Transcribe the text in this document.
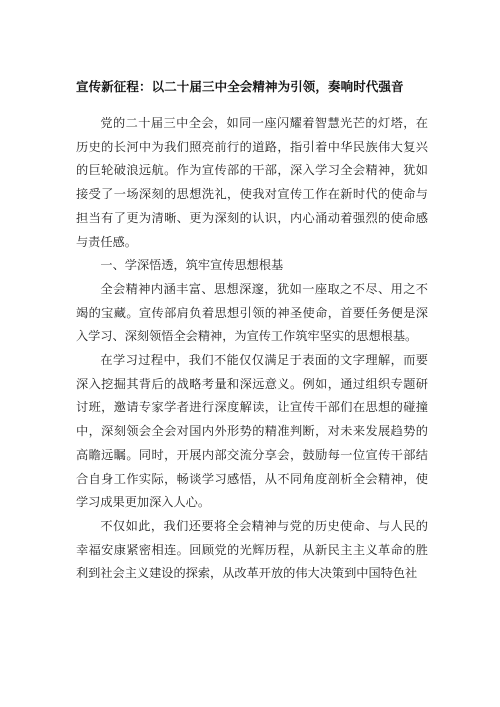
宣传新征程：以二十届三中全会精神为引领，奏响时代强音

党的二十届三中全会，如同一座闪耀着智慧光芒的灯塔，在历史的长河中为我们照亮前行的道路，指引着中华民族伟大复兴的巨轮破浪远航。作为宣传部的干部，深入学习全会精神，犹如接受了一场深刻的思想洗礼，使我对宣传工作在新时代的使命与担当有了更为清晰、更为深刻的认识，内心涌动着强烈的使命感与责任感。

一、学深悟透，筑牢宣传思想根基

全会精神内涵丰富、思想深邃，犹如一座取之不尽、用之不竭的宝藏。宣传部肩负着思想引领的神圣使命，首要任务便是深入学习、深刻领悟全会精神，为宣传工作筑牢坚实的思想根基。

在学习过程中，我们不能仅仅满足于表面的文字理解，而要深入挖掘其背后的战略考量和深远意义。例如，通过组织专题研讨班，邀请专家学者进行深度解读，让宣传干部们在思想的碰撞中，深刻领会全会对国内外形势的精准判断，对未来发展趋势的高瞻远瞩。同时，开展内部交流分享会，鼓励每一位宣传干部结合自身工作实际，畅谈学习感悟，从不同角度剖析全会精神，使学习成果更加深入人心。

不仅如此，我们还要将全会精神与党的历史使命、与人民的幸福安康紧密相连。回顾党的光辉历程，从新民主主义革命的胜利到社会主义建设的探索，从改革开放的伟大决策到中国特色社
